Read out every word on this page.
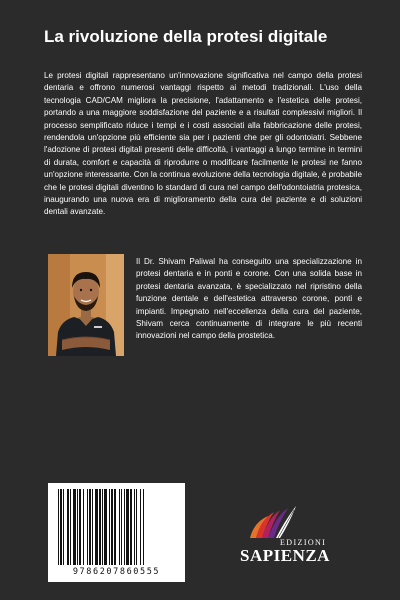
La rivoluzione della protesi digitale

Le protesi digitali rappresentano un'innovazione significativa nel campo della protesi dentaria e offrono numerosi vantaggi rispetto ai metodi tradizionali. L'uso della tecnologia CAD/CAM migliora la precisione, l'adattamento e l'estetica delle protesi, portando a una maggiore soddisfazione del paziente e a risultati complessivi migliori. Il processo semplificato riduce i tempi e i costi associati alla fabbricazione delle protesi, rendendola un'opzione più efficiente sia per i pazienti che per gli odontoiatri. Sebbene l'adozione di protesi digitali presenti delle difficoltà, i vantaggi a lungo termine in termini di durata, comfort e capacità di riprodurre o modificare facilmente le protesi ne fanno un'opzione interessante. Con la continua evoluzione della tecnologia digitale, è probabile che le protesi digitali diventino lo standard di cura nel campo dell'odontoiatria protesica, inaugurando una nuova era di miglioramento della cura del paziente e di soluzioni dentali avanzate.

Il Dr. Shivam Paliwal ha conseguito una specializzazione in protesi dentaria e in ponti e corone. Con una solida base in protesi dentaria avanzata, è specializzato nel ripristino della funzione dentale e dell'estetica attraverso corone, ponti e impianti. Impegnato nell'eccellenza della cura del paziente, Shivam cerca continuamente di integrare le più recenti innovazioni nel campo della prostetica.

9786207860555
EDIZIONI
SAPIENZA
